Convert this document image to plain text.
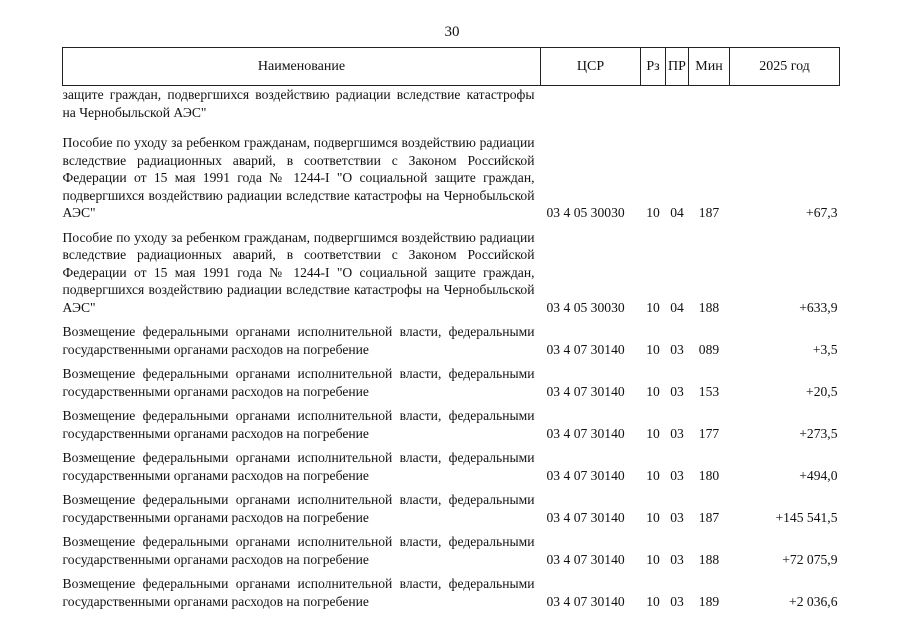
30
Наименование	ЦСР	Рз	ПР	Мин	2025 год
защите граждан, подвергшихся воздействию радиации вследствие катастрофы на Чернобыльской АЭС"					
Пособие по уходу за ребенком гражданам, подвергшимся воздействию радиации вследствие радиационных аварий, в соответствии с Законом Российской Федерации от 15 мая 1991 года № 1244-I "О социальной защите граждан, подвергшихся воздействию радиации вследствие катастрофы на Чернобыльской АЭС"	03 4 05 30030	10	04	187	+67,3
Пособие по уходу за ребенком гражданам, подвергшимся воздействию радиации вследствие радиационных аварий, в соответствии с Законом Российской Федерации от 15 мая 1991 года № 1244-I "О социальной защите граждан, подвергшихся воздействию радиации вследствие катастрофы на Чернобыльской АЭС"	03 4 05 30030	10	04	188	+633,9
Возмещение федеральными органами исполнительной власти, федеральными государственными органами расходов на погребение	03 4 07 30140	10	03	089	+3,5
Возмещение федеральными органами исполнительной власти, федеральными государственными органами расходов на погребение	03 4 07 30140	10	03	153	+20,5
Возмещение федеральными органами исполнительной власти, федеральными государственными органами расходов на погребение	03 4 07 30140	10	03	177	+273,5
Возмещение федеральными органами исполнительной власти, федеральными государственными органами расходов на погребение	03 4 07 30140	10	03	180	+494,0
Возмещение федеральными органами исполнительной власти, федеральными государственными органами расходов на погребение	03 4 07 30140	10	03	187	+145 541,5
Возмещение федеральными органами исполнительной власти, федеральными государственными органами расходов на погребение	03 4 07 30140	10	03	188	+72 075,9
Возмещение федеральными органами исполнительной власти, федеральными государственными органами расходов на погребение	03 4 07 30140	10	03	189	+2 036,6
